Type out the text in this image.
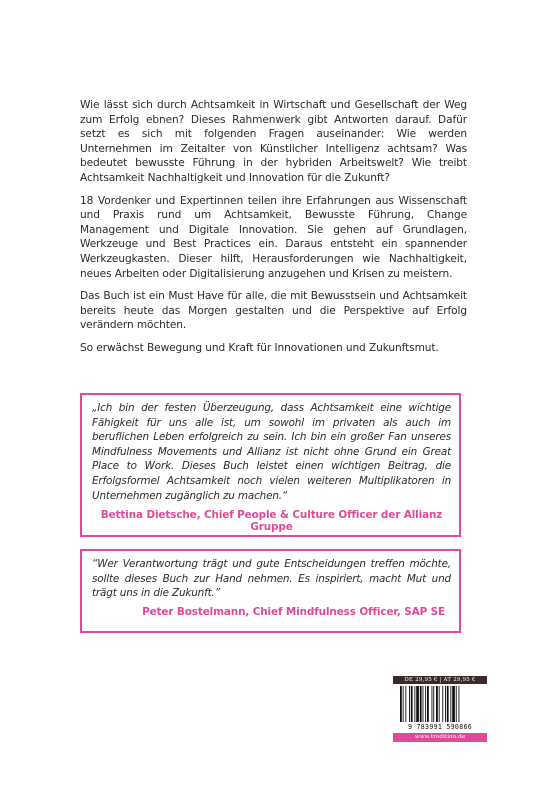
Wie lässt sich durch Achtsamkeit in Wirtschaft und Gesellschaft der Weg zum Erfolg ebnen? Dieses Rahmenwerk gibt Antworten darauf. Dafür setzt es sich mit folgenden Fragen auseinander: Wie werden Unternehmen im Zeitalter von Künstlicher Intelligenz achtsam? Was bedeutet bewusste Führung in der hybriden Arbeitswelt? Wie treibt Achtsamkeit Nachhaltigkeit und Innovation für die Zukunft?

18 Vordenker und Expertinnen teilen ihre Erfahrungen aus Wissenschaft und Praxis rund um Achtsamkeit, Bewusste Führung, Change Management und Digitale Innovation. Sie gehen auf Grundlagen, Werkzeuge und Best Practices ein. Daraus entsteht ein spannender Werkzeugkasten. Dieser hilft, Herausforderungen wie Nachhaltigkeit, neues Arbeiten oder Digitalisierung anzugehen und Krisen zu meistern.

Das Buch ist ein Must Have für alle, die mit Bewusstsein und Achtsamkeit bereits heute das Morgen gestalten und die Perspektive auf Erfolg verändern möchten.

So erwächst Bewegung und Kraft für Innovationen und Zukunftsmut.

„Ich bin der festen Überzeugung, dass Achtsamkeit eine wichtige Fähigkeit für uns alle ist, um sowohl im privaten als auch im beruflichen Leben erfolgreich zu sein. Ich bin ein großer Fan unseres Mindfulness Movements und Allianz ist nicht ohne Grund ein Great Place to Work. Dieses Buch leistet einen wichtigen Beitrag, die Erfolgsformel Achtsamkeit noch vielen weiteren Multiplikatoren in Unternehmen zugänglich zu machen.“

Bettina Dietsche, Chief People & Culture Officer der Allianz Gruppe

“Wer Verantwortung trägt und gute Entscheidungen treffen möchte, sollte dieses Buch zur Hand nehmen. Es inspiriert, macht Mut und trägt uns in die Zukunft.”

Peter Bostelmann, Chief Mindfulness Officer, SAP SE
DE 29,95 € | AT 29,95 €
9 783991 590866
www.tredition.de
